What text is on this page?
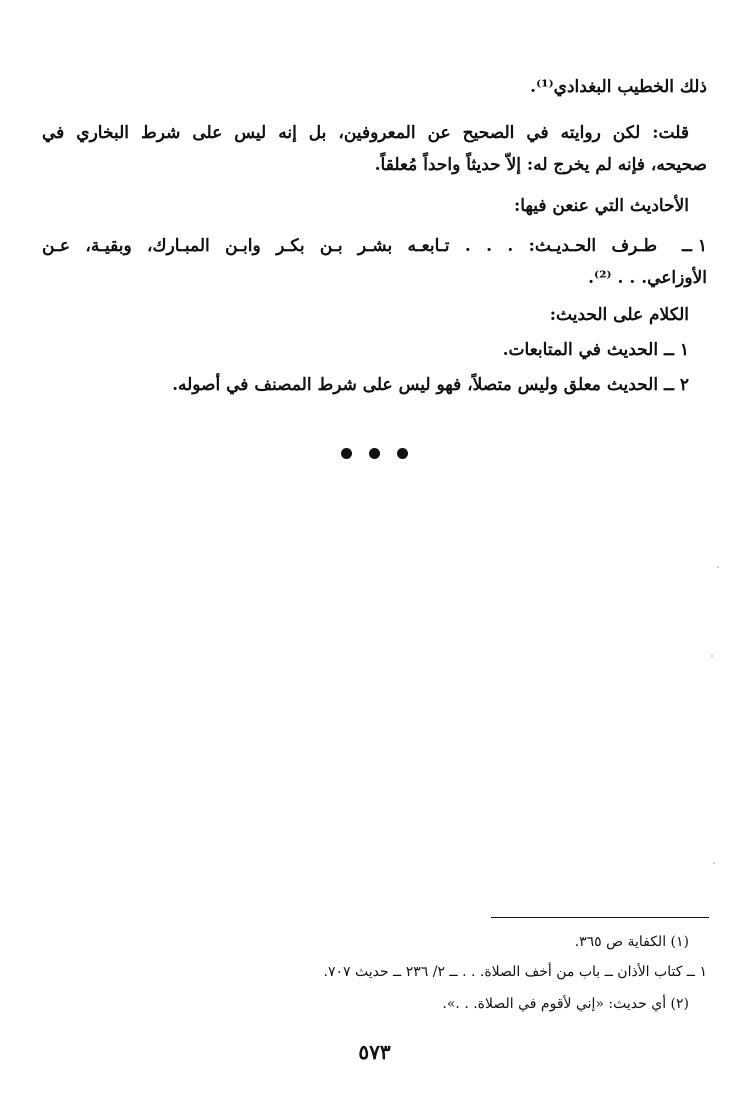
ذلك الخطيب البغدادي⁽¹⁾.
قلت: لكن روايته في الصحيح عن المعروفين، بل إنه ليس على شرط البخاري في
صحيحه، فإنه لم يخرج له: إلاّ حديثاً واحداً مُعلقاً.
الأحاديث التي عنعن فيها:
١ ــ
طـرف الحـديـث: . . . تـابعـه بشـر بـن بكـر وابـن المبـارك، وبقيـة، عـن
الأوزاعي. . . ⁽²⁾.
الكلام على الحديث:
١ ــ الحديث في المتابعات.
٢ ــ الحديث معلق وليس متصلاً، فهو ليس على شرط المصنف في أصوله.

(١) الكفاية ص ٣٦٥.
١ ــ كتاب الأذان ــ باب من أخف الصلاة. . . ــ ٢/ ٢٣٦ ــ حديث ٧٠٧.
(٢) أي حديث: «إني لأقوم في الصلاة. . .».
٥٧٣
